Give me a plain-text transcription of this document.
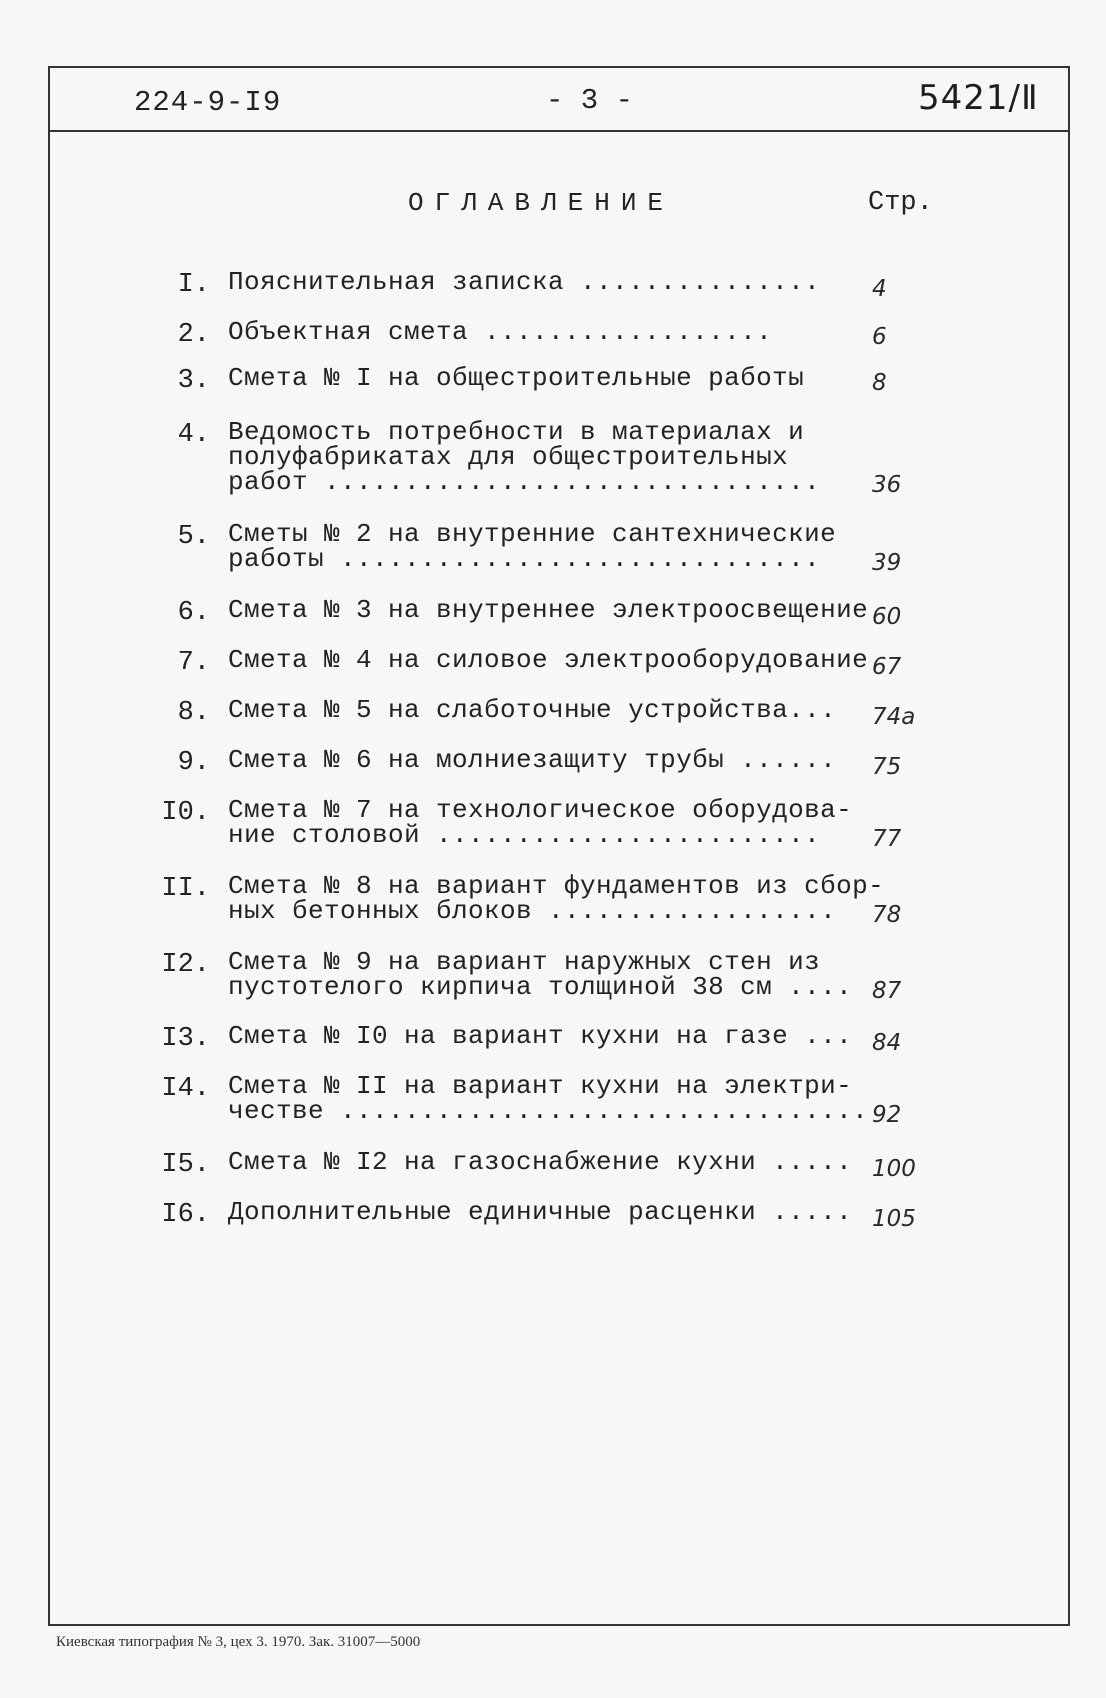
224-9-I9	- 3 -	5421/Ⅱ
ОГЛАВЛЕНИЕ	Стр.
I. Пояснительная записка ............... 4
2. Объектная смета ..................	6
3. Смета № I на общестроительные работы	8
4. Ведомость потребности в материалах и
полуфабрикатах для общестроительных
работ ............................... 36
5. Сметы № 2 на внутренние сантехнические
работы ..............................	39
6. Смета № 3 на внутреннее электроосвещение 60
7. Смета № 4 на силовое электрооборудование 67
8. Смета № 5 на слаботочные устройства... 74а
9. Смета № 6 на молниезащиту трубы ...... 75
I0. Смета № 7 на технологическое оборудова-
ние столовой ........................	77
II. Смета № 8 на вариант фундаментов из сбор-
ных бетонных блоков ..................	78
I2. Смета № 9 на вариант наружных стен из
пустотелого кирпича толщиной 38 см .... 87
I3. Смета № I0 на вариант кухни на газе ... 84
I4. Смета № II на вариант кухни на электри-
честве ................................. 92
I5. Смета № I2 на газоснабжение кухни ..... 100
I6. Дополнительные единичные расценки ..... 105
Киевская типография № 3, цех 3. 1970. Зак. 31007—5000
